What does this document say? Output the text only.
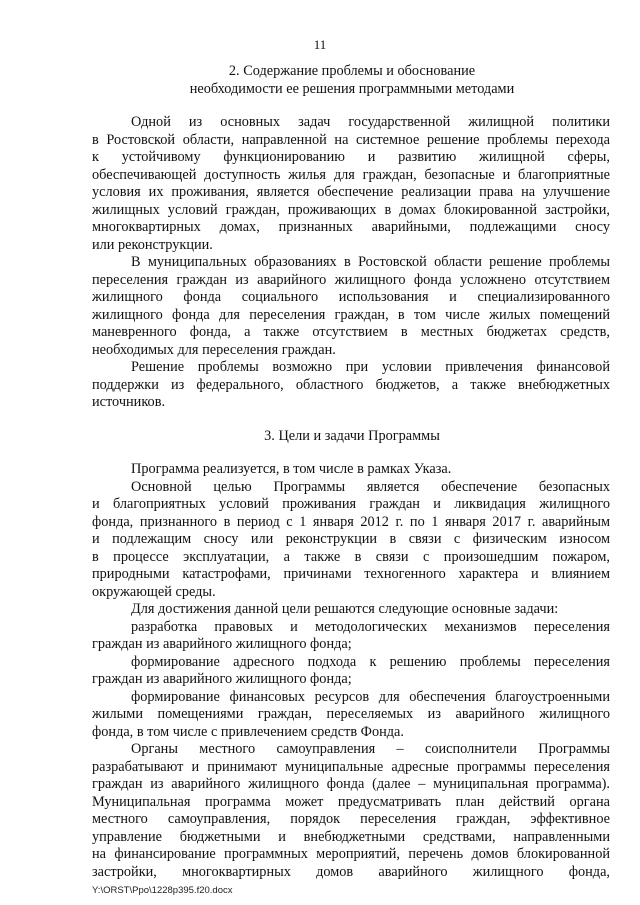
11
2. Содержание проблемы и обоснование
необходимости ее решения программными методами
Одной из основных задач государственной жилищной политики
в Ростовской области, направленной на системное решение проблемы перехода
к устойчивому функционированию и развитию жилищной сферы,
обеспечивающей доступность жилья для граждан, безопасные и благоприятные
условия их проживания, является обеспечение реализации права на улучшение
жилищных условий граждан, проживающих в домах блокированной застройки,
многоквартирных домах, признанных аварийными, подлежащими сносу
или реконструкции.
В муниципальных образованиях в Ростовской области решение проблемы
переселения граждан из аварийного жилищного фонда усложнено отсутствием
жилищного фонда социального использования и специализированного
жилищного фонда для переселения граждан, в том числе жилых помещений
маневренного фонда, а также отсутствием в местных бюджетах средств,
необходимых для переселения граждан.
Решение проблемы возможно при условии привлечения финансовой
поддержки из федерального, областного бюджетов, а также внебюджетных
источников.
3. Цели и задачи Программы
Программа реализуется, в том числе в рамках Указа.
Основной целью Программы является обеспечение безопасных
и благоприятных условий проживания граждан и ликвидация жилищного
фонда, признанного в период с 1 января 2012 г. по 1 января 2017 г. аварийным
и подлежащим сносу или реконструкции в связи с физическим износом
в процессе эксплуатации, а также в связи с произошедшим пожаром,
природными катастрофами, причинами техногенного характера и влиянием
окружающей среды.
Для достижения данной цели решаются следующие основные задачи:
разработка правовых и методологических механизмов переселения
граждан из аварийного жилищного фонда;
формирование адресного подхода к решению проблемы переселения
граждан из аварийного жилищного фонда;
формирование финансовых ресурсов для обеспечения благоустроенными
жилыми помещениями граждан, переселяемых из аварийного жилищного
фонда, в том числе с привлечением средств Фонда.
Органы местного самоуправления – соисполнители Программы
разрабатывают и принимают муниципальные адресные программы переселения
граждан из аварийного жилищного фонда (далее – муниципальная программа).
Муниципальная программа может предусматривать план действий органа
местного самоуправления, порядок переселения граждан, эффективное
управление бюджетными и внебюджетными средствами, направленными
на финансирование программных мероприятий, перечень домов блокированной
застройки, многоквартирных домов аварийного жилищного фонда,
Y:\ORST\Ppo\1228p395.f20.docx
